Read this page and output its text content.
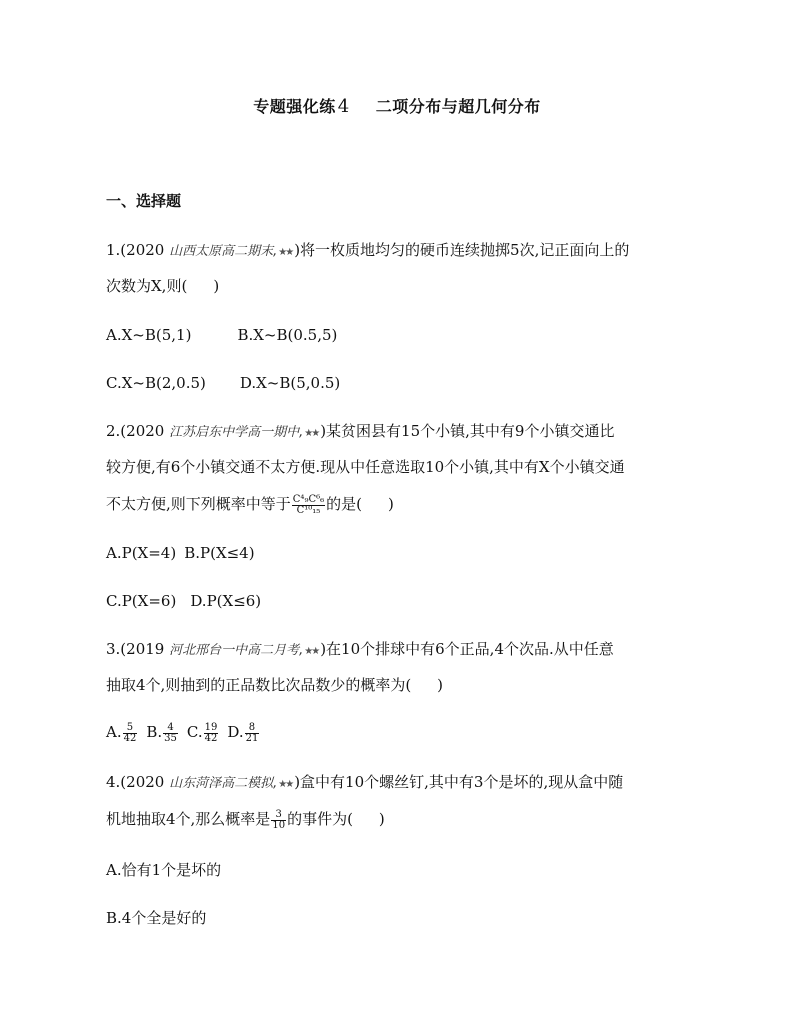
专题强化练 4 二项分布与超几何分布
一、选择题
1.(2020 山西太原高二期末,★★ )将一枚质地均匀的硬币连续抛掷5次,记正面向上的
次数为X,则( )
A.X~B(5,1)	B.X~B(0.5,5)
C.X~B(2,0.5) D.X~B(5,0.5)
2.(2020 江苏启东中学高一期中,★★ )某贫困县有15个小镇,其中有9个小镇交通比
较方便,有6个小镇交通不太方便.现从中任意选取10个小镇,其中有X个小镇交通
不太方便,则下列概率中等于 $\frac{\text{C⁴₉C⁶₆}}{\text{C¹⁰₁₅}}$ 的是( )
A.P(X=4) B.P(X≤4)
C.P(X=6) D.P(X≤6)
3.(2019 河北邢台一中高二月考,★★ )在10个排球中有6个正品,4个次品.从中任意
抽取4个,则抽到的正品数比次品数少的概率为( )
A. $\frac{5}{42} B$. $\frac{4}{35} C$. $\frac{19}{42} D$. $\frac{8}{21}$
4.(2020 山东菏泽高二模拟,★★ )盒中有10个螺丝钉,其中有3个是坏的,现从盒中随
机地抽取4个,那么概率是 $\frac{3}{10}$ 的事件为( )
A.恰有1个是坏的
B.4个全是好的
